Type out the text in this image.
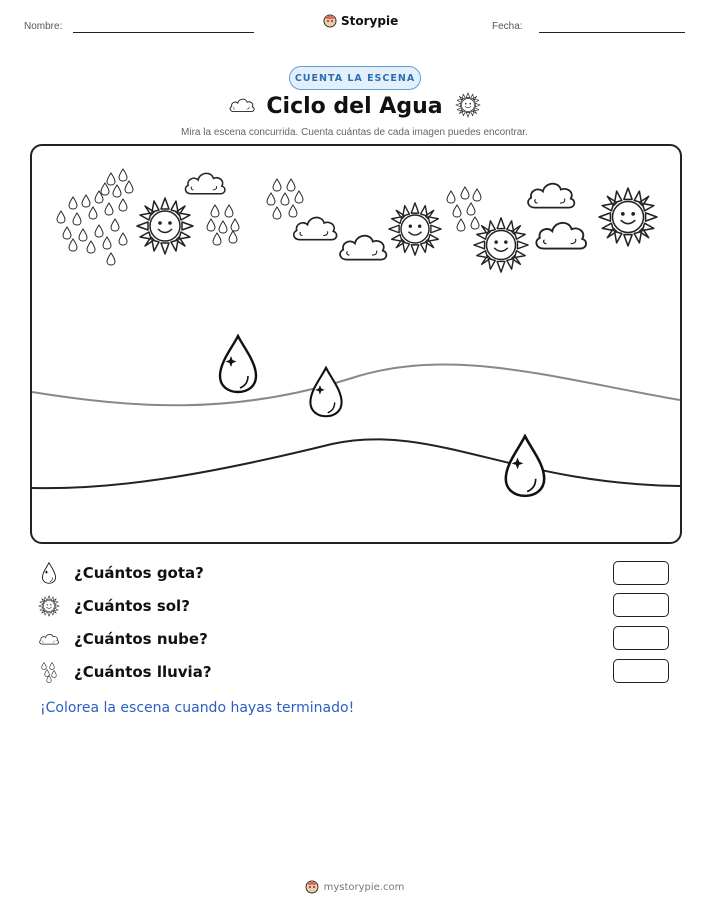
Nombre:	Storypie	Fecha:
CUENTA LA ESCENA
Ciclo del Agua
Mira la escena concurrida. Cuenta cuántas de cada imagen puedes encontrar.
¿Cuántos gota?
¿Cuántos sol?
¿Cuántos nube?
¿Cuántos lluvia?
¡Colorea la escena cuando hayas terminado!
mystorypie.com
